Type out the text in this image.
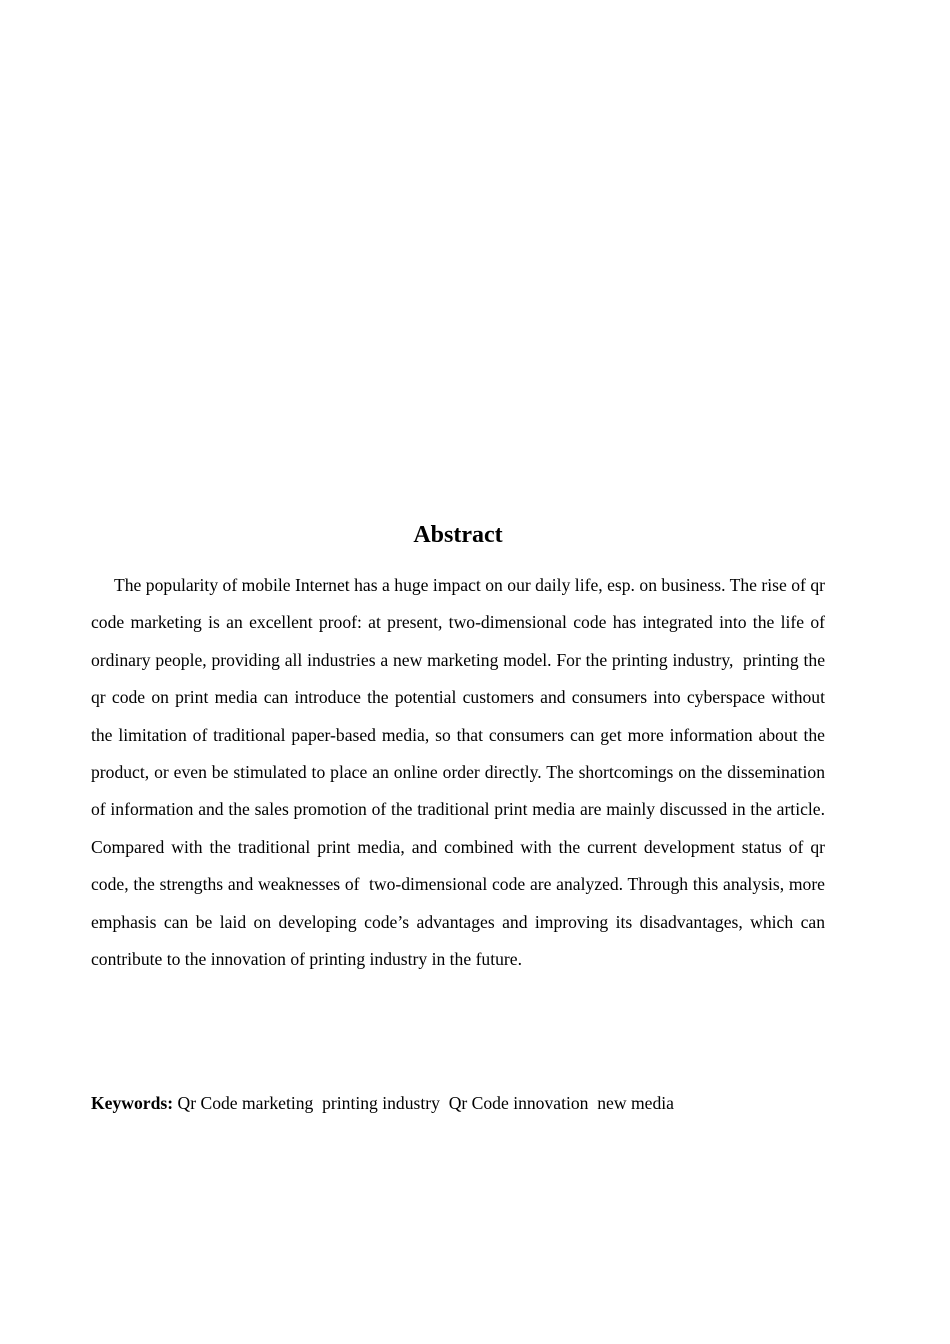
Abstract

The popularity of mobile Internet has a huge impact on our daily life, esp. on business. The rise of qr code marketing is an excellent proof: at present, two-dimensional code has integrated into the life of ordinary people, providing all industries a new marketing model. For the printing industry,  printing the qr code on print media can introduce the potential customers and consumers into cyberspace without the limitation of traditional paper-based media, so that consumers can get more information about the product, or even be stimulated to place an online order directly. The shortcomings on the dissemination of information and the sales promotion of the traditional print media are mainly discussed in the article. Compared with the traditional print media, and combined with the current development status of qr code, the strengths and weaknesses of  two-dimensional code are analyzed. Through this analysis, more emphasis can be laid on developing code’s advantages and improving its disadvantages, which can contribute to the innovation of printing industry in the future.

Keywords: Qr Code marketing  printing industry  Qr Code innovation  new media
